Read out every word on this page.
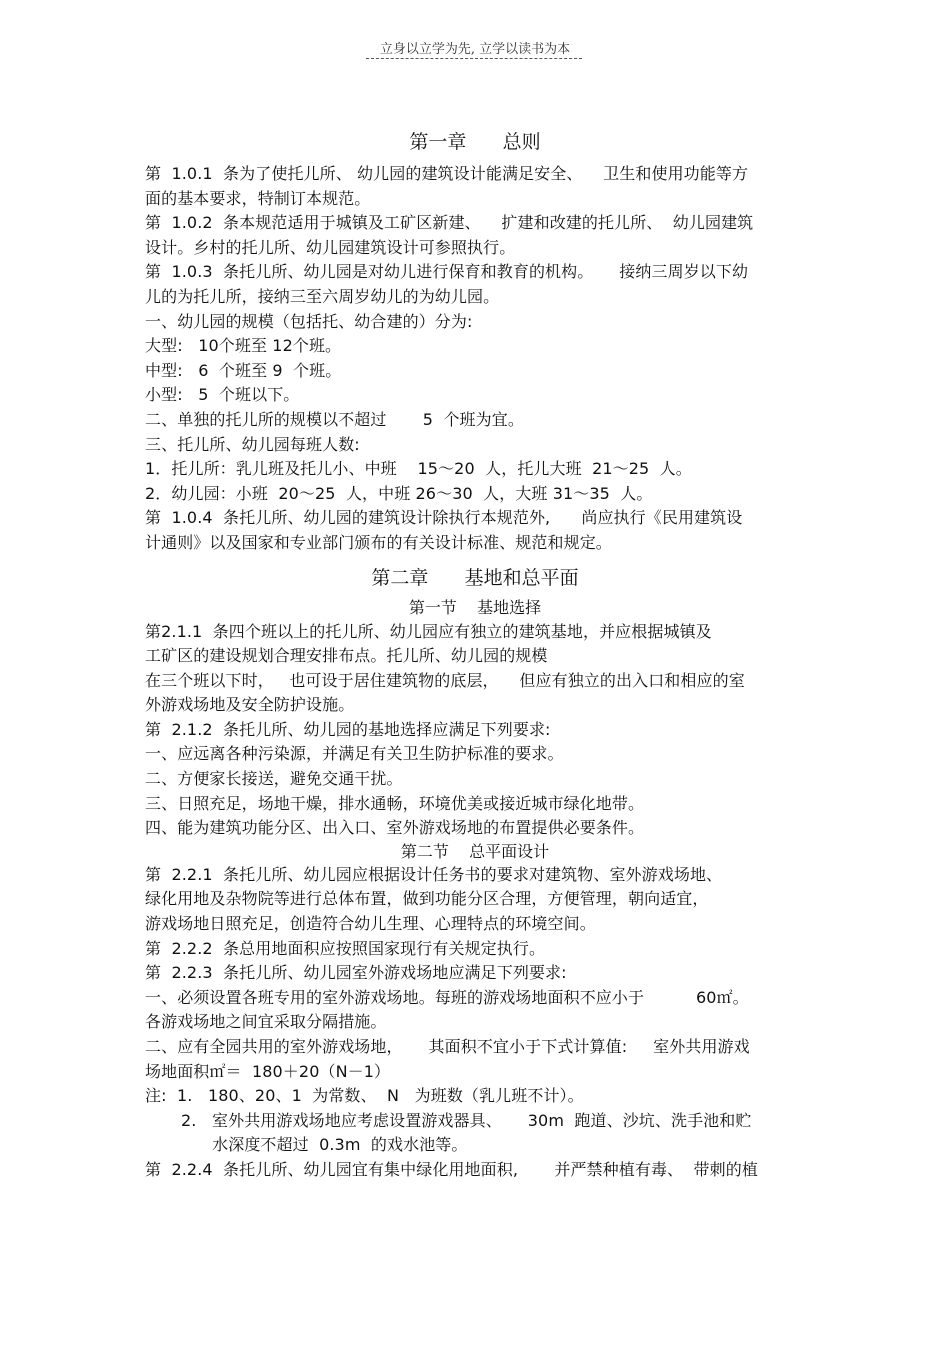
立身以立学为先, 立学以读书为本
第一章      总则
第  1.0.1  条为了使托儿所、 幼儿园的建筑设计能满足安全、    卫生和使用功能等方
面的基本要求，特制订本规范。
第  1.0.2  条本规范适用于城镇及工矿区新建、    扩建和改建的托儿所、  幼儿园建筑
设计。乡村的托儿所、幼儿园建筑设计可参照执行。
第  1.0.3  条托儿所、幼儿园是对幼儿进行保育和教育的机构。     接纳三周岁以下幼
儿的为托儿所，接纳三至六周岁幼儿的为幼儿园。
一、幼儿园的规模（包括托、幼合建的）分为:
大型:   10个班至 12个班。
中型:   6  个班至 9  个班。
小型:   5  个班以下。
二、单独的托儿所的规模以不超过       5  个班为宜。
三、托儿所、幼儿园每班人数:
1．托儿所：乳儿班及托儿小、中班    15～20  人，托儿大班  21～25  人。
2．幼儿园：小班  20～25  人，中班 26～30  人，大班 31～35  人。
第  1.0.4  条托儿所、幼儿园的建筑设计除执行本规范外,      尚应执行《民用建筑设
计通则》以及国家和专业部门颁布的有关设计标准、规范和规定。
第二章      基地和总平面
第一节    基地选择
第2.1.1  条四个班以上的托儿所、幼儿园应有独立的建筑基地，并应根据城镇及
工矿区的建设规划合理安排布点。托儿所、幼儿园的规模
在三个班以下时，   也可设于居住建筑物的底层，    但应有独立的出入口和相应的室
外游戏场地及安全防护设施。
第  2.1.2  条托儿所、幼儿园的基地选择应满足下列要求:
一、应远离各种污染源，并满足有关卫生防护标准的要求。
二、方便家长接送，避免交通干扰。
三、日照充足，场地干燥，排水通畅，环境优美或接近城市绿化地带。
四、能为建筑功能分区、出入口、室外游戏场地的布置提供必要条件。
第二节    总平面设计
第  2.2.1  条托儿所、幼儿园应根据设计任务书的要求对建筑物、室外游戏场地、
绿化用地及杂物院等进行总体布置，做到功能分区合理，方便管理，朝向适宜，
游戏场地日照充足，创造符合幼儿生理、心理特点的环境空间。
第  2.2.2  条总用地面积应按照国家现行有关规定执行。
第  2.2.3  条托儿所、幼儿园室外游戏场地应满足下列要求:
一、必须设置各班专用的室外游戏场地。每班的游戏场地面积不应小于          60㎡。
各游戏场地之间宜采取分隔措施。
二、应有全园共用的室外游戏场地，     其面积不宜小于下式计算值:     室外共用游戏
场地面积㎡＝  180＋20（N－1）
注:  1.   180、20、1  为常数、  N   为班数（乳儿班不计）。
2.   室外共用游戏场地应考虑设置游戏器具、     30m  跑道、沙坑、洗手池和贮
水深度不超过  0.3m  的戏水池等。
第  2.2.4  条托儿所、幼儿园宜有集中绿化用地面积,       并严禁种植有毒、  带刺的植
